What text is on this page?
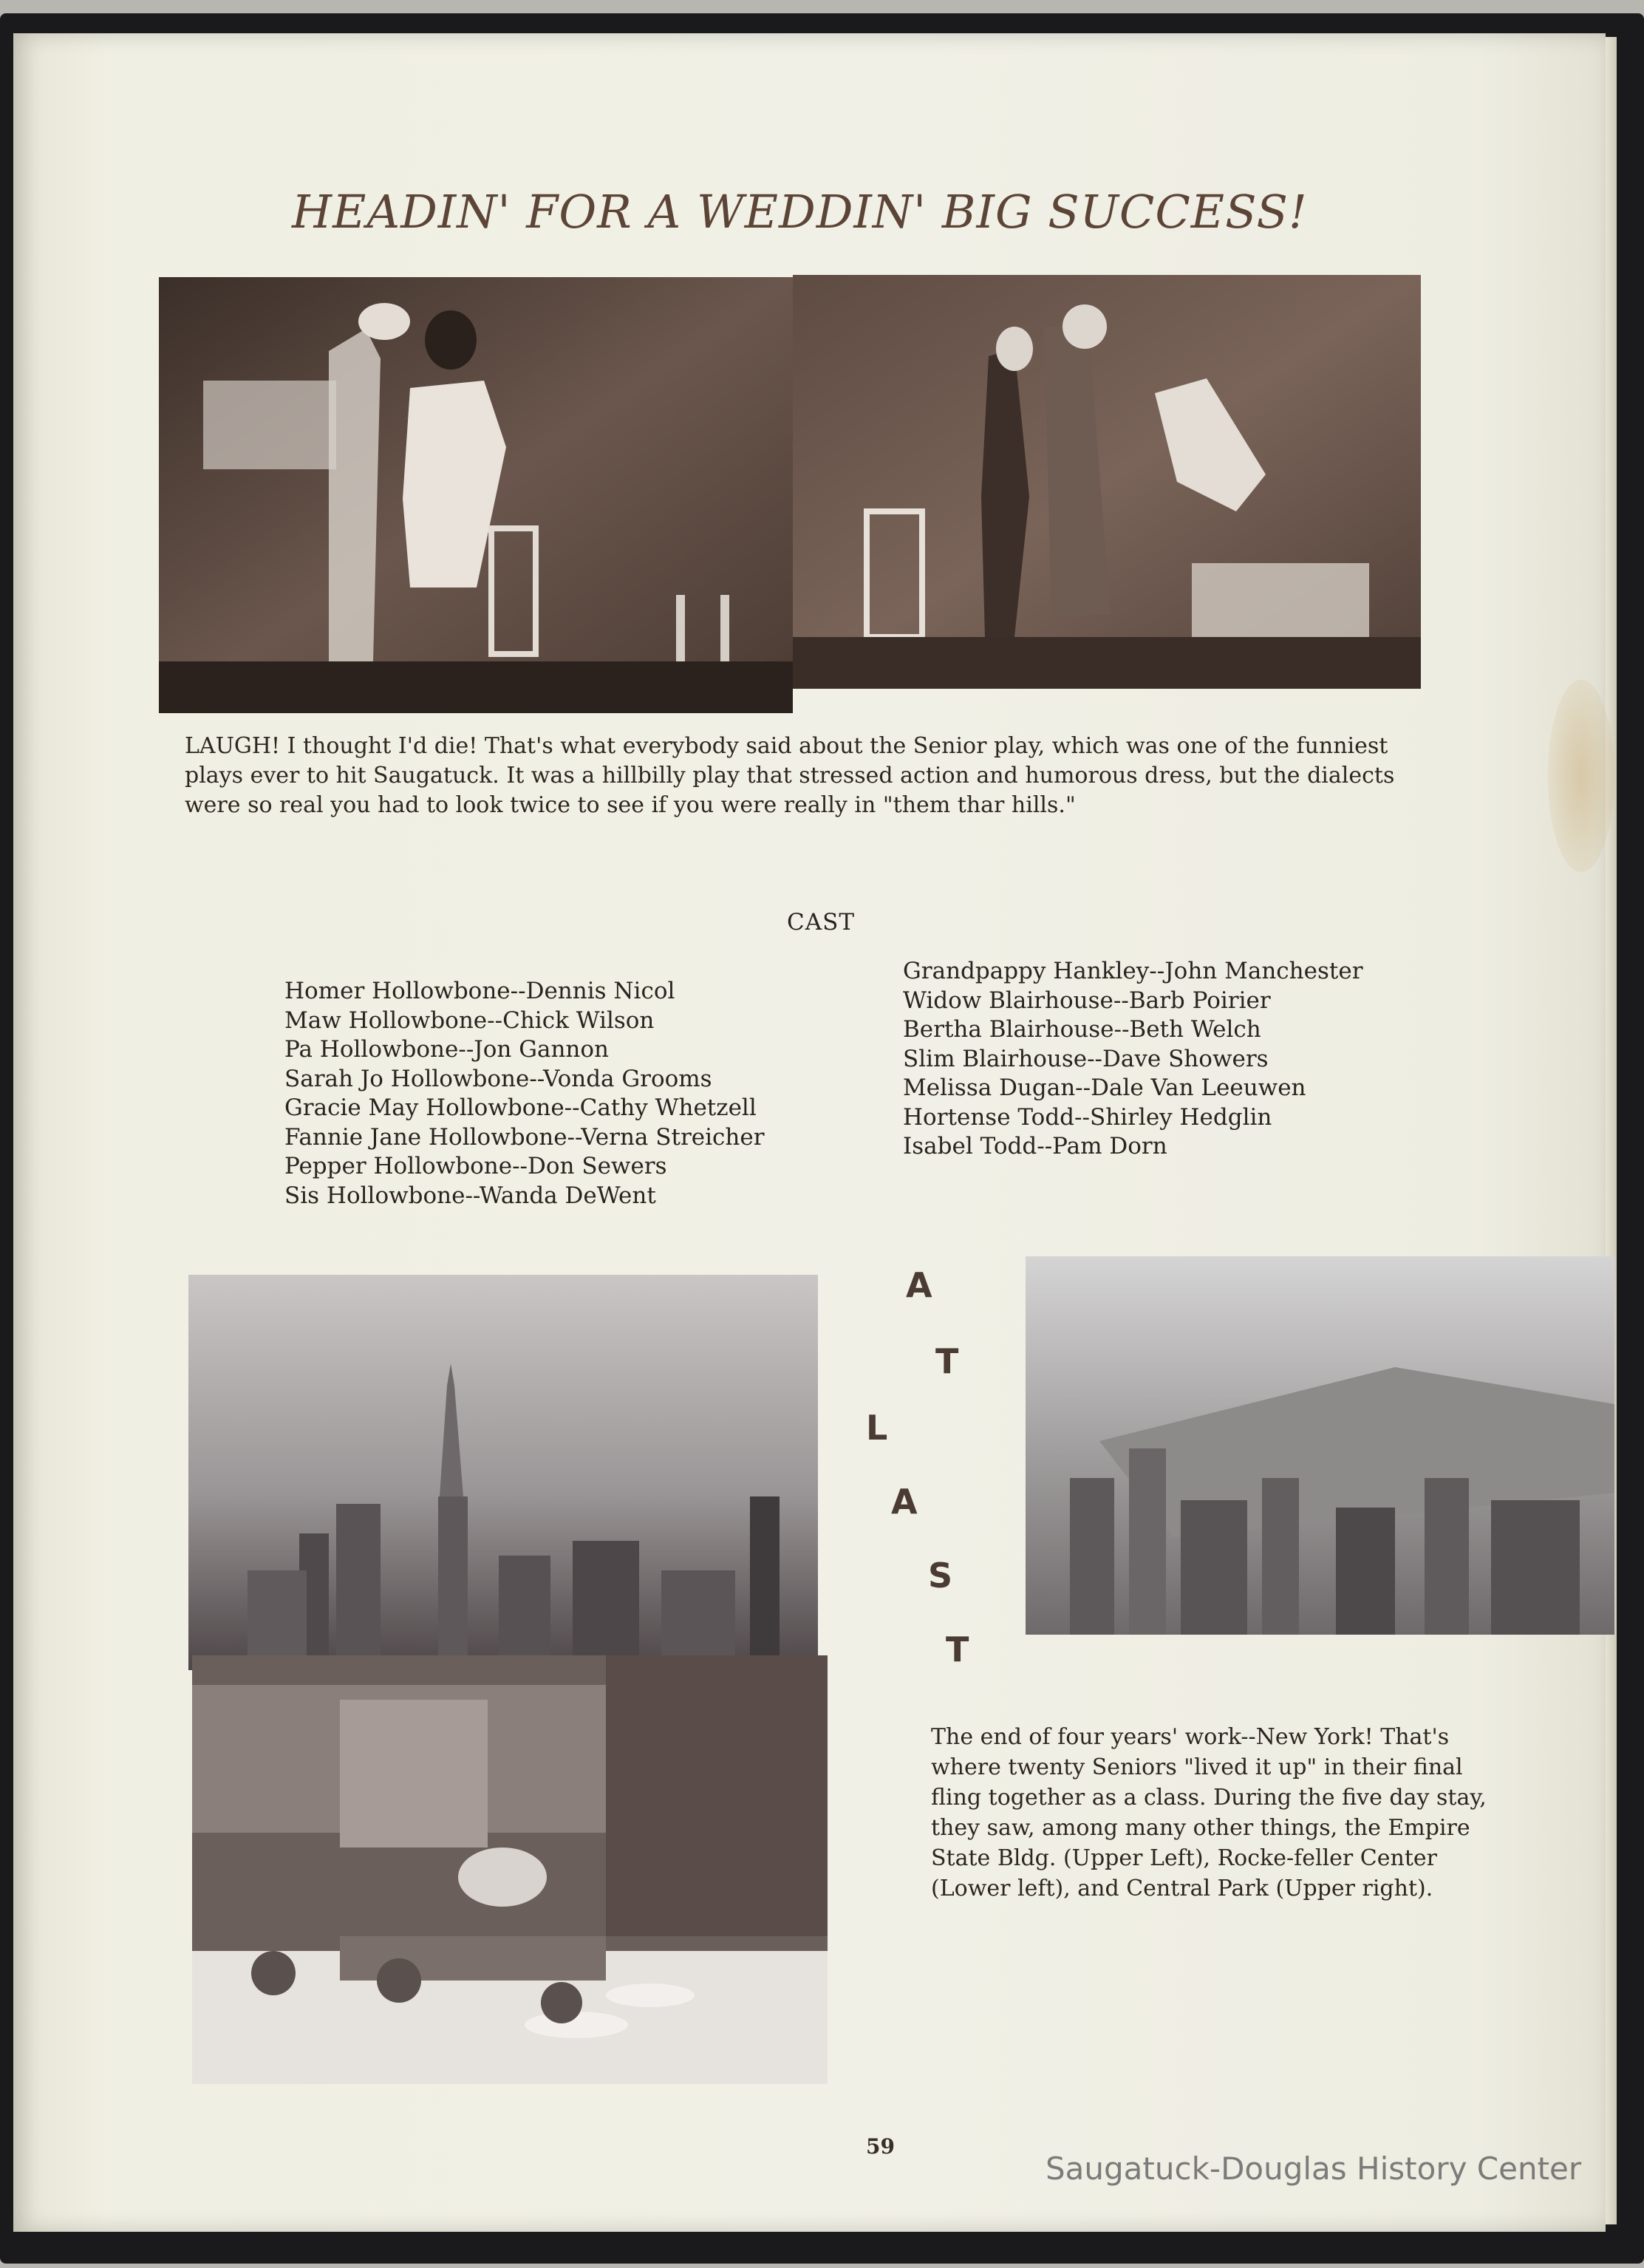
HEADIN' FOR A WEDDIN' BIG SUCCESS!
LAUGH! I thought I'd die! That's what everybody said about the Senior play, which was one of the funniest plays ever to hit Saugatuck. It was a hillbilly play that stressed action and humorous dress, but the dialects were so real you had to look twice to see if you were really in "them thar hills."
CAST
Homer Hollowbone--Dennis Nicol
Maw Hollowbone--Chick Wilson
Pa Hollowbone--Jon Gannon
Sarah Jo Hollowbone--Vonda Grooms
Gracie May Hollowbone--Cathy Whetzell
Fannie Jane Hollowbone--Verna Streicher
Pepper Hollowbone--Don Sewers
Sis Hollowbone--Wanda DeWent
Grandpappy Hankley--John Manchester
Widow Blairhouse--Barb Poirier
Bertha Blairhouse--Beth Welch
Slim Blairhouse--Dave Showers
Melissa Dugan--Dale Van Leeuwen
Hortense Todd--Shirley Hedglin
Isabel Todd--Pam Dorn
A
T
L
A
S
T
The end of four years' work--New York! That's where twenty Seniors "lived it up" in their final fling together as a class. During the five day stay, they saw, among many other things, the Empire State Bldg. (Upper Left), Rocke-feller Center (Lower left), and Central Park (Upper right).
59
Saugatuck-Douglas History Center
